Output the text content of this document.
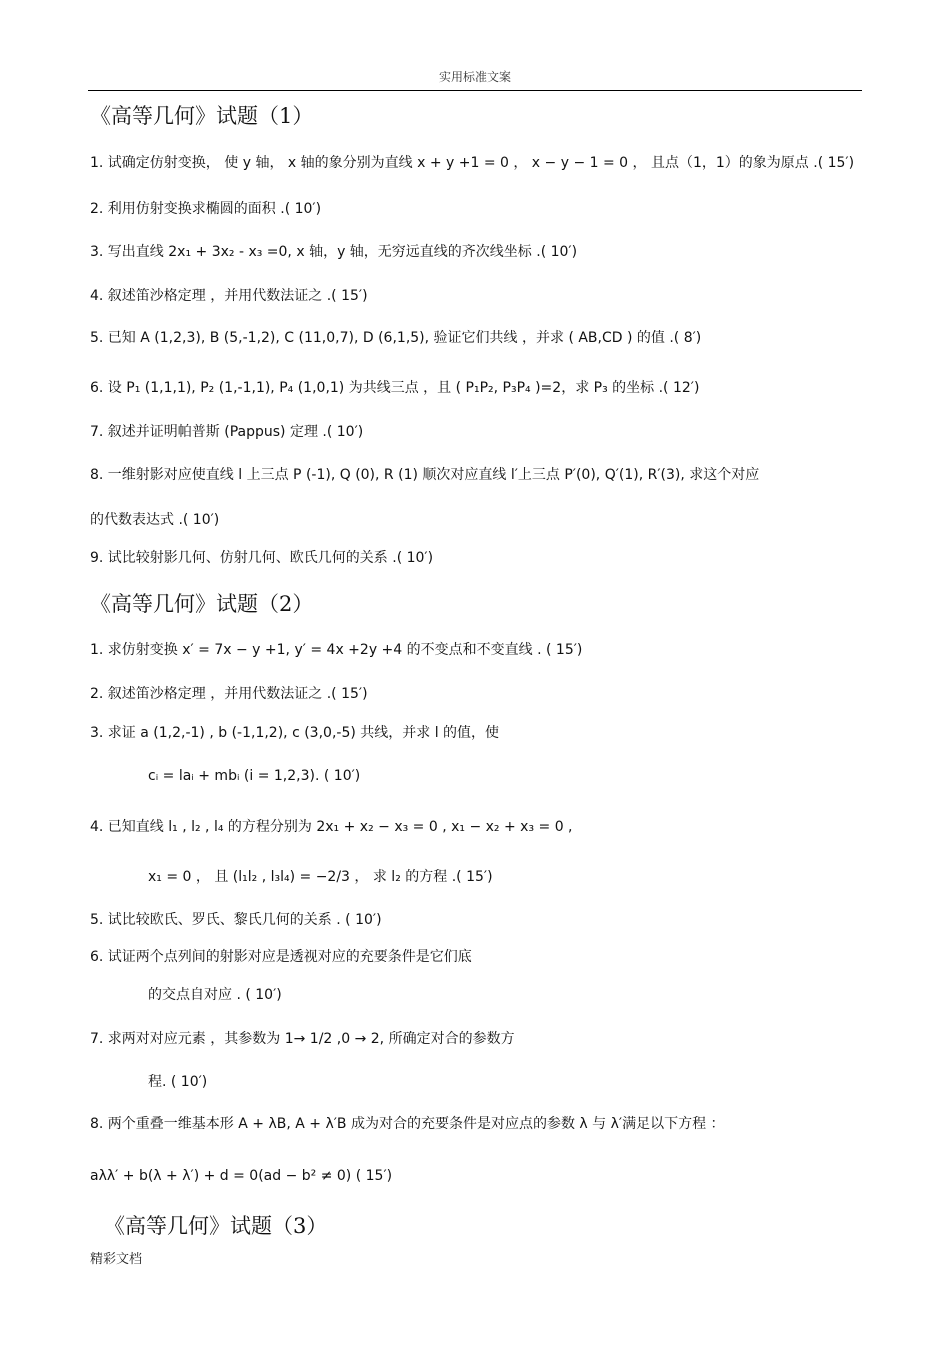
实用标准文案
《高等几何》试题（1）
1. 试确定仿射变换， 使 y 轴， x 轴的象分别为直线 x + y +1 = 0 ， x − y − 1 = 0 ， 且点（1，1）的象为原点 .( 15′)
2. 利用仿射变换求椭圆的面积 .( 10′)
3. 写出直线 2x₁ + 3x₂ - x₃ =0, x 轴，y 轴，无穷远直线的齐次线坐标 .( 10′)
4. 叙述笛沙格定理 ，并用代数法证之 .( 15′)
5. 已知 A (1,2,3), B (5,-1,2), C (11,0,7), D (6,1,5), 验证它们共线 ，并求 ( AB,CD ) 的值 .( 8′)
6. 设 P₁ (1,1,1), P₂ (1,-1,1), P₄ (1,0,1) 为共线三点 ，且 ( P₁P₂, P₃P₄ )=2，求 P₃ 的坐标 .( 12′)
7. 叙述并证明帕普斯 (Pappus) 定理 .( 10′)
8. 一维射影对应使直线 l 上三点 P (-1), Q (0), R (1) 顺次对应直线 l′上三点 P′(0), Q′(1), R′(3), 求这个对应
的代数表达式 .( 10′)
9. 试比较射影几何、仿射几何、欧氏几何的关系 .( 10′)
《高等几何》试题（2）
1. 求仿射变换 x′ = 7x − y +1, y′ = 4x +2y +4 的不变点和不变直线 . ( 15′)
2. 叙述笛沙格定理 ，并用代数法证之 .( 15′)
3. 求证 a (1,2,-1) , b (-1,1,2), c (3,0,-5) 共线，并求 l 的值，使
cᵢ = laᵢ + mbᵢ (i = 1,2,3). ( 10′)
4. 已知直线 l₁ , l₂ , l₄ 的方程分别为 2x₁ + x₂ − x₃ = 0 , x₁ − x₂ + x₃ = 0 ,
x₁ = 0 ， 且 (l₁l₂ , l₃l₄) = −2/3 ， 求 l₂ 的方程 .( 15′)
5. 试比较欧氏、罗氏、黎氏几何的关系 . ( 10′)
6. 试证两个点列间的射影对应是透视对应的充要条件是它们底
的交点自对应 . ( 10′)
7. 求两对对应元素 ，其参数为 1→ 1/2 ,0 → 2, 所确定对合的参数方
程. ( 10′)
8. 两个重叠一维基本形 A + λB, A + λ′B 成为对合的充要条件是对应点的参数 λ 与 λ′满足以下方程 ：
aλλ′ + b(λ + λ′) + d = 0(ad − b² ≠ 0) ( 15′)
《高等几何》试题（3）
精彩文档
